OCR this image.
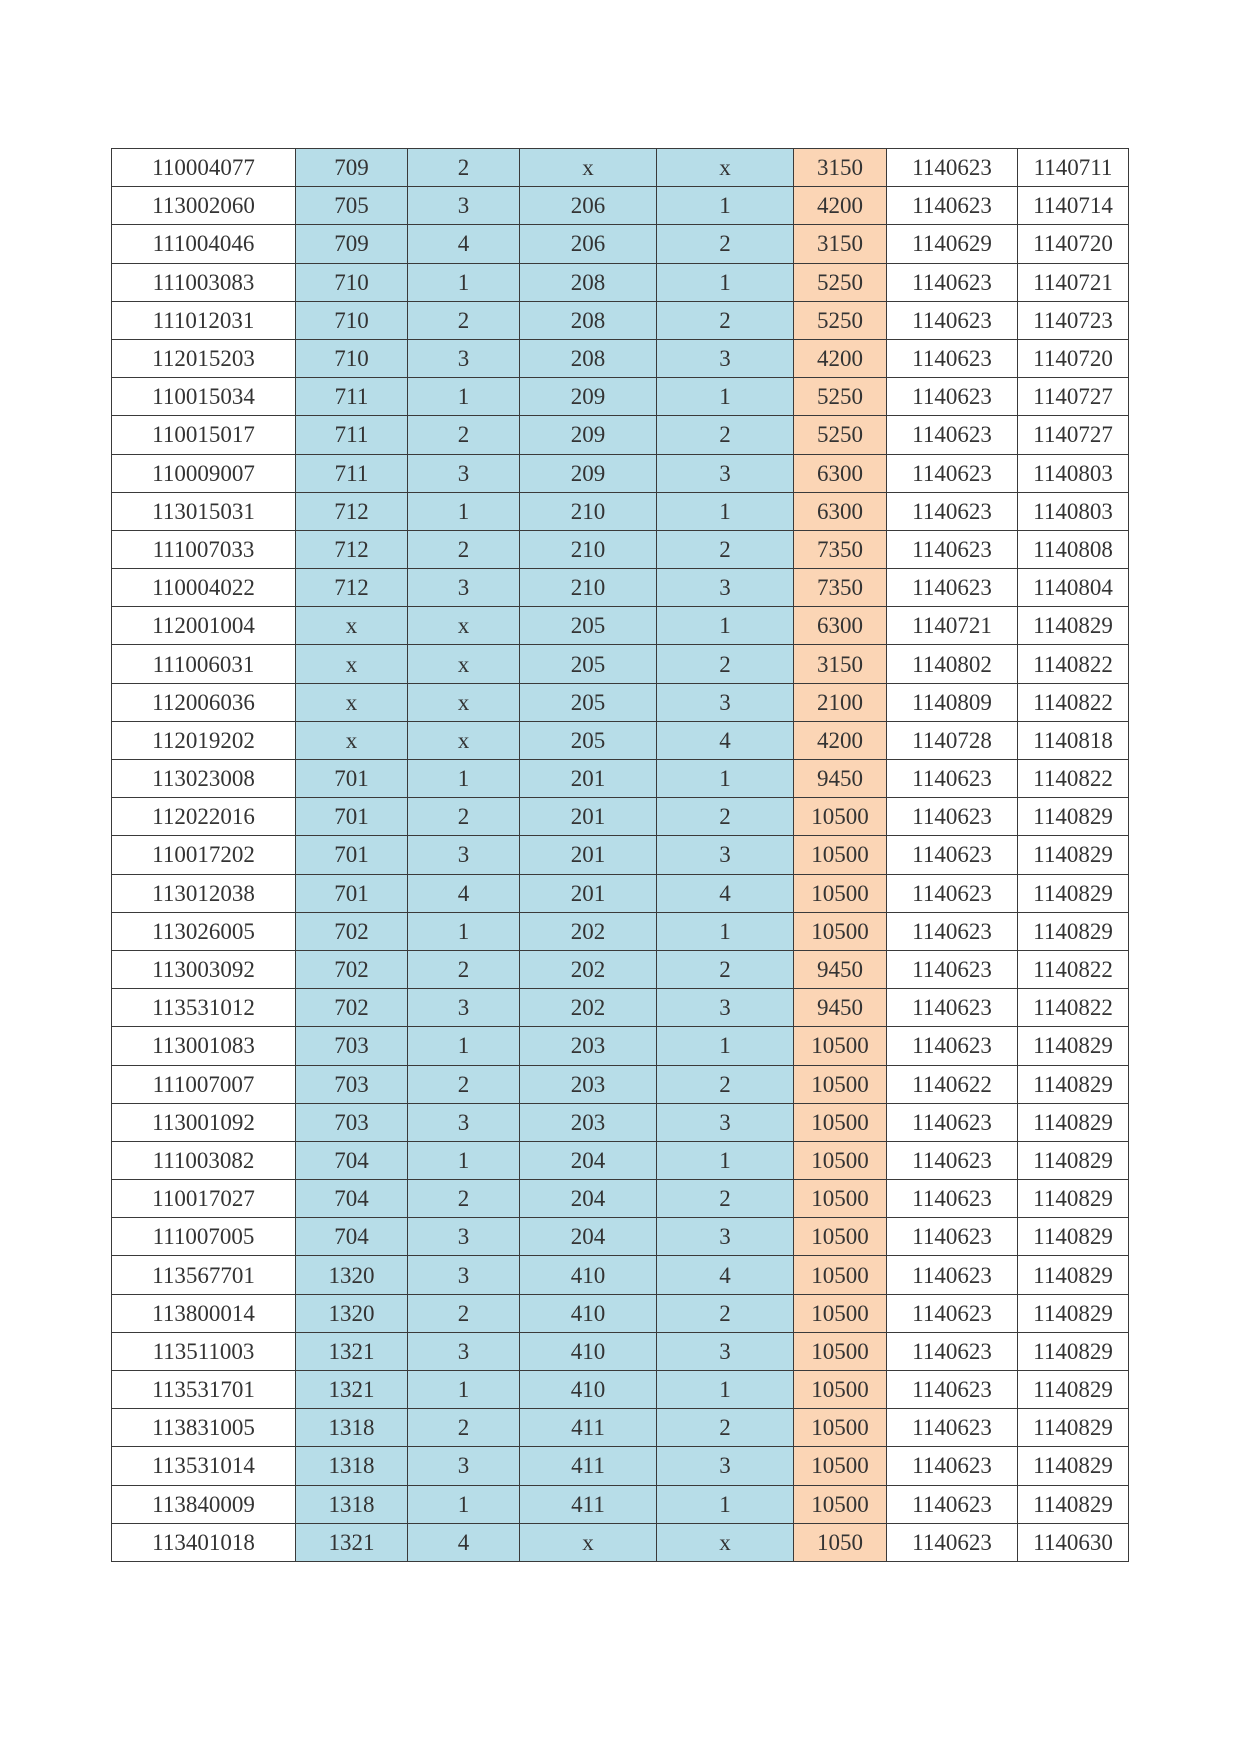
110004077	709	2	x	x	3150	1140623	1140711
113002060	705	3	206	1	4200	1140623	1140714
111004046	709	4	206	2	3150	1140629	1140720
111003083	710	1	208	1	5250	1140623	1140721
111012031	710	2	208	2	5250	1140623	1140723
112015203	710	3	208	3	4200	1140623	1140720
110015034	711	1	209	1	5250	1140623	1140727
110015017	711	2	209	2	5250	1140623	1140727
110009007	711	3	209	3	6300	1140623	1140803
113015031	712	1	210	1	6300	1140623	1140803
111007033	712	2	210	2	7350	1140623	1140808
110004022	712	3	210	3	7350	1140623	1140804
112001004	x	x	205	1	6300	1140721	1140829
111006031	x	x	205	2	3150	1140802	1140822
112006036	x	x	205	3	2100	1140809	1140822
112019202	x	x	205	4	4200	1140728	1140818
113023008	701	1	201	1	9450	1140623	1140822
112022016	701	2	201	2	10500	1140623	1140829
110017202	701	3	201	3	10500	1140623	1140829
113012038	701	4	201	4	10500	1140623	1140829
113026005	702	1	202	1	10500	1140623	1140829
113003092	702	2	202	2	9450	1140623	1140822
113531012	702	3	202	3	9450	1140623	1140822
113001083	703	1	203	1	10500	1140623	1140829
111007007	703	2	203	2	10500	1140622	1140829
113001092	703	3	203	3	10500	1140623	1140829
111003082	704	1	204	1	10500	1140623	1140829
110017027	704	2	204	2	10500	1140623	1140829
111007005	704	3	204	3	10500	1140623	1140829
113567701	1320	3	410	4	10500	1140623	1140829
113800014	1320	2	410	2	10500	1140623	1140829
113511003	1321	3	410	3	10500	1140623	1140829
113531701	1321	1	410	1	10500	1140623	1140829
113831005	1318	2	411	2	10500	1140623	1140829
113531014	1318	3	411	3	10500	1140623	1140829
113840009	1318	1	411	1	10500	1140623	1140829
113401018	1321	4	x	x	1050	1140623	1140630
